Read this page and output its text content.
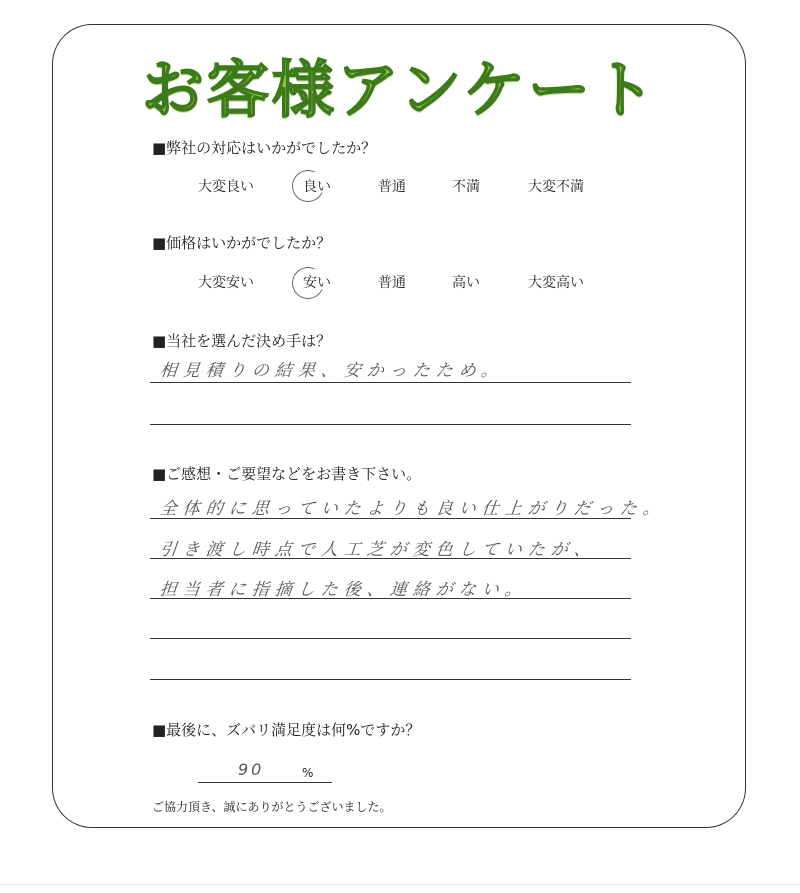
お客様アンケート
■弊社の対応はいかがでしたか？
大変良い	良い	普通	不満	大変不満
■価格はいかがでしたか？
大変安い	安い	普通	高い	大変高い
■当社を選んだ決め手は？
相見積りの結果、安かったため。
■ご感想・ご要望などをお書き下さい。
全体的に思っていたよりも良い仕上がりだった。
引き渡し時点で人工芝が変色していたが、
担当者に指摘した後、連絡がない。
■最後に、ズバリ満足度は何%ですか？
90	%
ご協力頂き、誠にありがとうございました。
